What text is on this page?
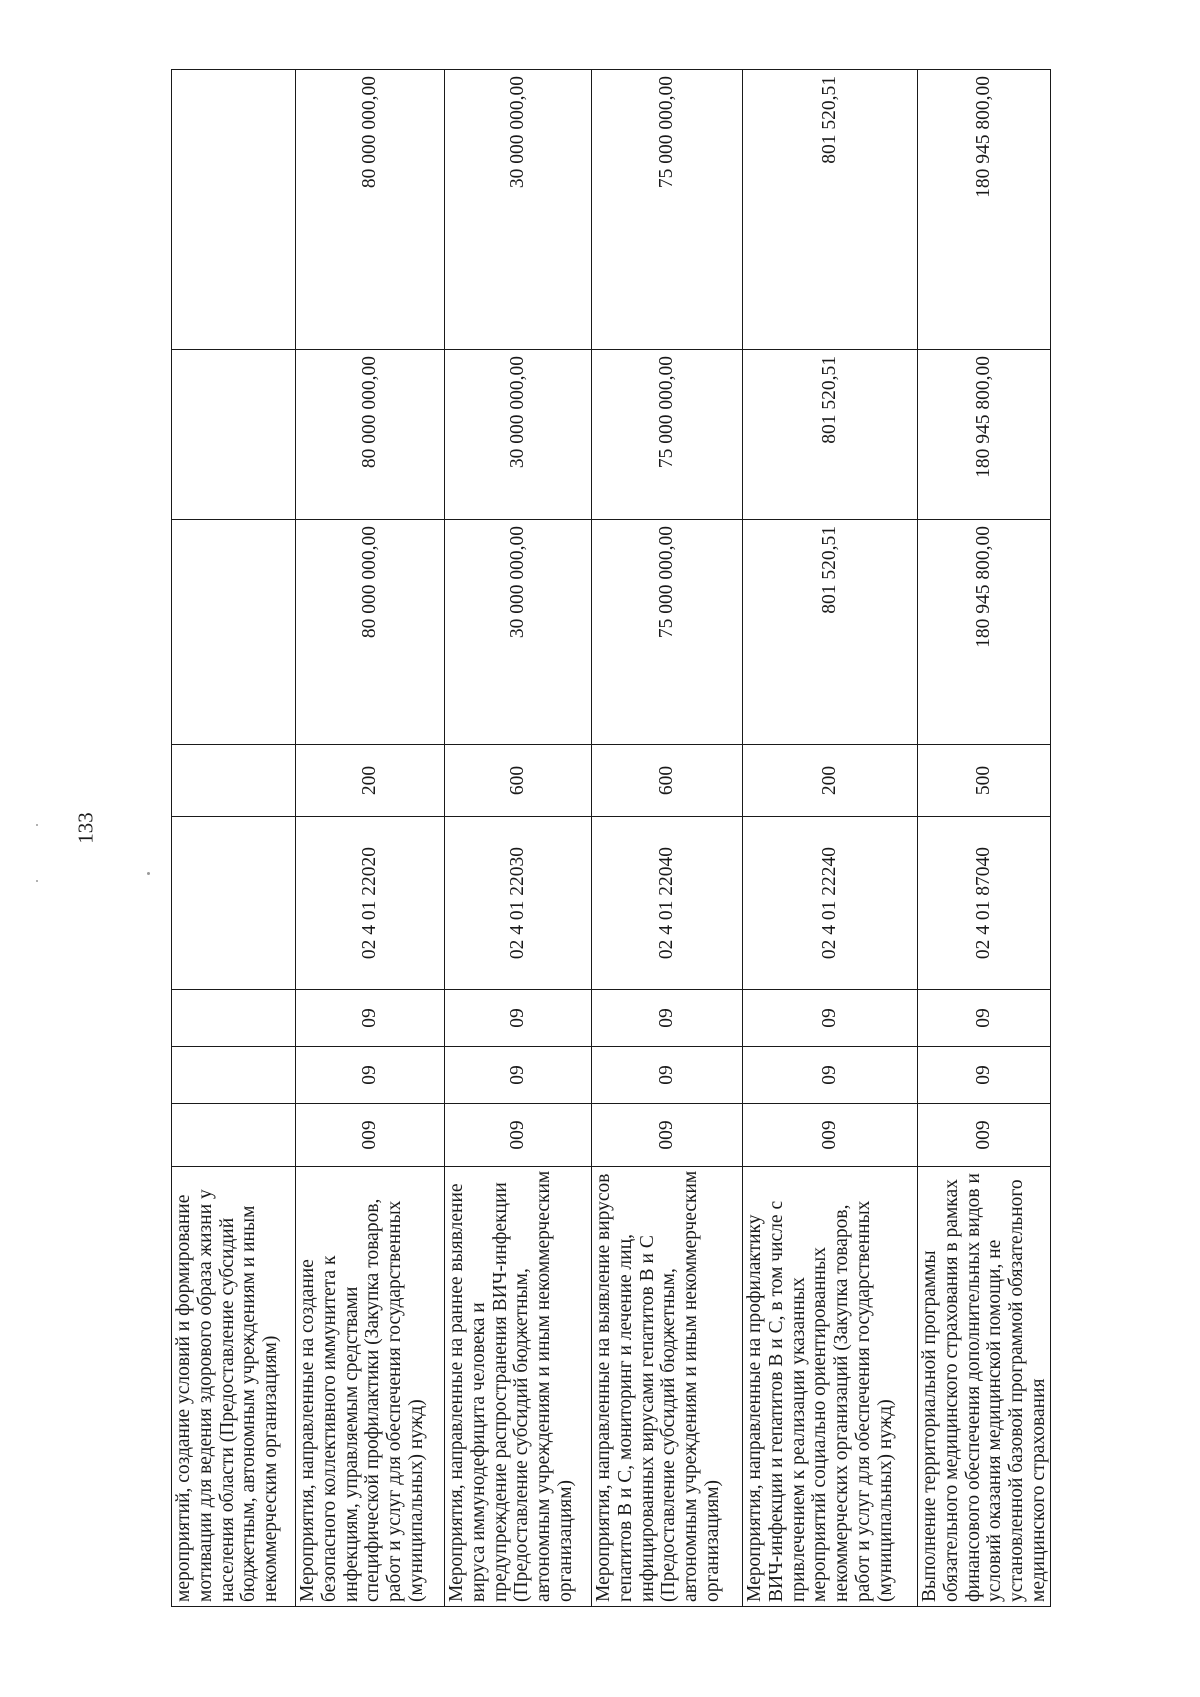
133
мероприятий, создание условий и формирование мотивации для ведения здорового образа жизни у населения области (Предоставление субсидий бюджетным, автономным учреждениям и иным некоммерческим организациям)								
Мероприятия, направленные на создание безопасного коллективного иммунитета к инфекциям, управляемым средствами специфической профилактики (Закупка товаров, работ и услуг для обеспечения государственных (муниципальных) нужд)	009	09	09	02 4 01 22020	200	80 000 000,00	80 000 000,00	80 000 000,00
Мероприятия, направленные на раннее выявление вируса иммунодефицита человека и предупреждение распространения ВИЧ-инфекции (Предоставление субсидий бюджетным, автономным учреждениям и иным некоммерческим организациям)	009	09	09	02 4 01 22030	600	30 000 000,00	30 000 000,00	30 000 000,00
Мероприятия, направленные на выявление вирусов гепатитов В и С, мониторинг и лечение лиц, инфицированных вирусами гепатитов В и С (Предоставление субсидий бюджетным, автономным учреждениям и иным некоммерческим организациям)	009	09	09	02 4 01 22040	600	75 000 000,00	75 000 000,00	75 000 000,00
Мероприятия, направленные на профилактику ВИЧ-инфекции и гепатитов В и С, в том числе с привлечением к реализации указанных мероприятий социально ориентированных некоммерческих организаций (Закупка товаров, работ и услуг для обеспечения государственных (муниципальных) нужд)	009	09	09	02 4 01 22240	200	801 520,51	801 520,51	801 520,51
Выполнение территориальной программы обязательного медицинского страхования в рамках финансового обеспечения дополнительных видов и условий оказания медицинской помощи, не установленной базовой программой обязательного медицинского страхования	009	09	09	02 4 01 87040	500	180 945 800,00	180 945 800,00	180 945 800,00
